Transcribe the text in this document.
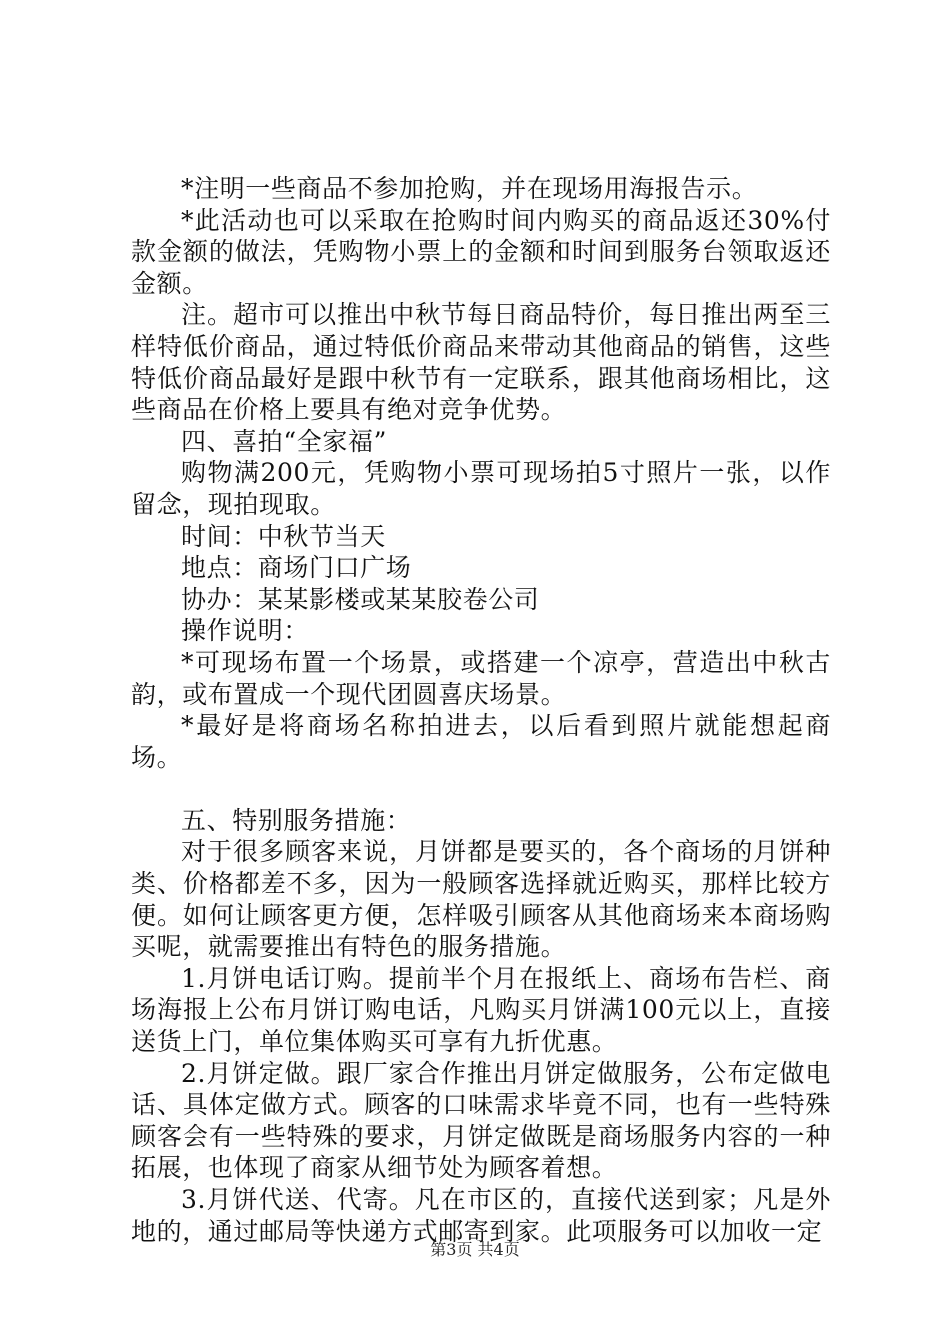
*注明一些商品不参加抢购，并在现场用海报告示。

*此活动也可以采取在抢购时间内购买的商品返还30%付款金额的做法，凭购物小票上的金额和时间到服务台领取返还金额。

注。超市可以推出中秋节每日商品特价，每日推出两至三样特低价商品，通过特低价商品来带动其他商品的销售，这些特低价商品最好是跟中秋节有一定联系，跟其他商场相比，这些商品在价格上要具有绝对竞争优势。

四、喜拍“全家福”

购物满200元，凭购物小票可现场拍5寸照片一张，以作留念，现拍现取。

时间：中秋节当天

地点：商场门口广场

协办：某某影楼或某某胶卷公司

操作说明：

*可现场布置一个场景，或搭建一个凉亭，营造出中秋古韵，或布置成一个现代团圆喜庆场景。

*最好是将商场名称拍进去，以后看到照片就能想起商场。

五、特别服务措施：

对于很多顾客来说，月饼都是要买的，各个商场的月饼种类、价格都差不多，因为一般顾客选择就近购买，那样比较方便。如何让顾客更方便，怎样吸引顾客从其他商场来本商场购买呢，就需要推出有特色的服务措施。

1.月饼电话订购。提前半个月在报纸上、商场布告栏、商场海报上公布月饼订购电话，凡购买月饼满100元以上，直接送货上门，单位集体购买可享有九折优惠。

2.月饼定做。跟厂家合作推出月饼定做服务，公布定做电话、具体定做方式。顾客的口味需求毕竟不同，也有一些特殊顾客会有一些特殊的要求，月饼定做既是商场服务内容的一种拓展，也体现了商家从细节处为顾客着想。

3.月饼代送、代寄。凡在市区的，直接代送到家；凡是外地的，通过邮局等快递方式邮寄到家。此项服务可以加收一定

第3页 共4页
